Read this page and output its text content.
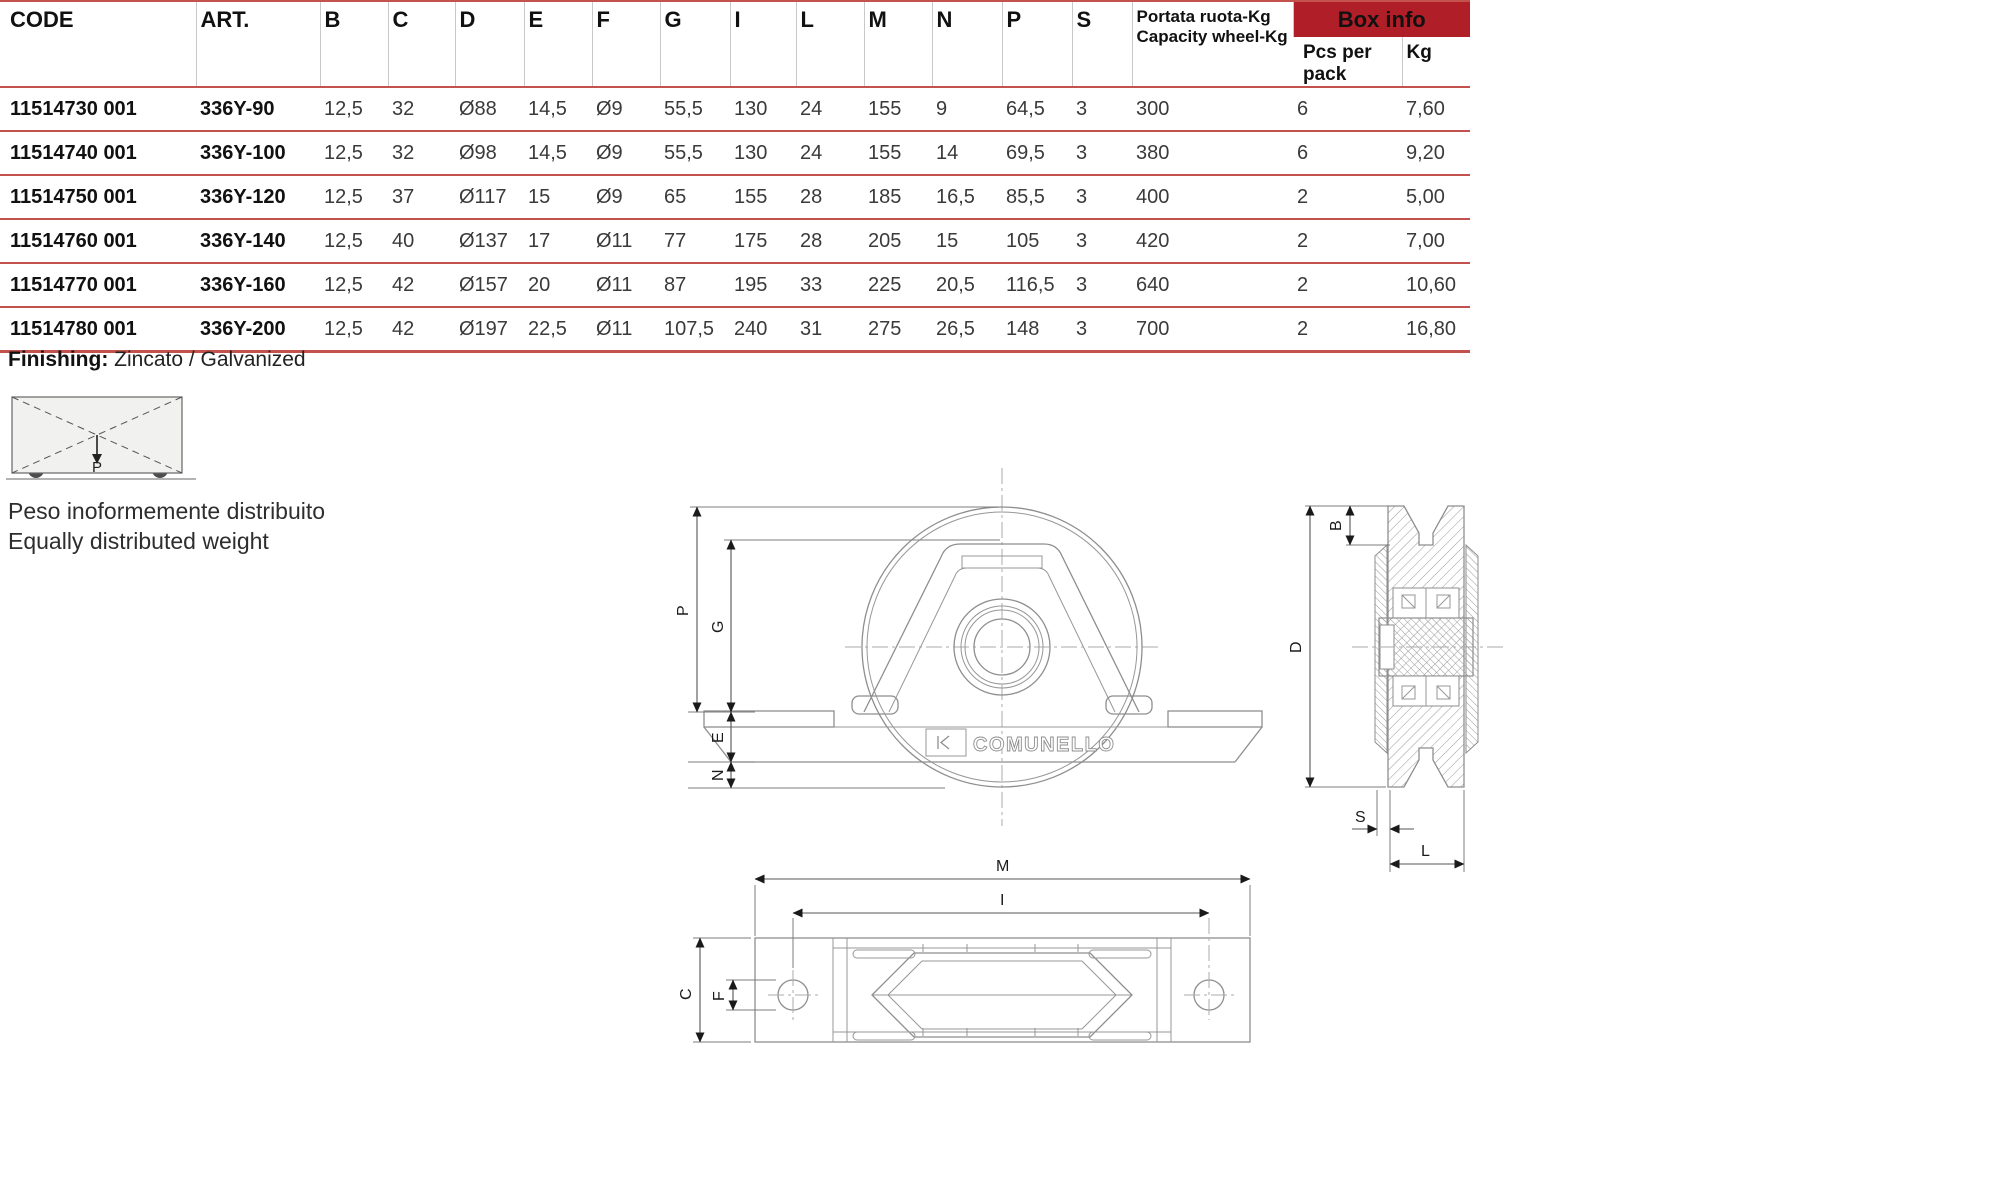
CODE	ART.	B	C	D	E	F	G	I	L	M	N	P	S	Portata ruota-Kg
Capacity wheel-Kg	Box info	
															Pcs per pack	Kg
11514730 001	336Y-90	12,5	32	Ø88	14,5	Ø9	55,5	130	24	155	9	64,5	3	300	6	7,60
11514740 001	336Y-100	12,5	32	Ø98	14,5	Ø9	55,5	130	24	155	14	69,5	3	380	6	9,20
11514750 001	336Y-120	12,5	37	Ø117	15	Ø9	65	155	28	185	16,5	85,5	3	400	2	5,00
11514760 001	336Y-140	12,5	40	Ø137	17	Ø11	77	175	28	205	15	105	3	420	2	7,00
11514770 001	336Y-160	12,5	42	Ø157	20	Ø11	87	195	33	225	20,5	116,5	3	640	2	10,60
11514780 001	336Y-200	12,5	42	Ø197	22,5	Ø11	107,5	240	31	275	26,5	148	3	700	2	16,80
Finishing: Zincato / Galvanized
P
Peso inoformemente distribuito
Equally distributed weight
COMUNELLO
P
G
E
N
D
B
S
L
M
I
C F
